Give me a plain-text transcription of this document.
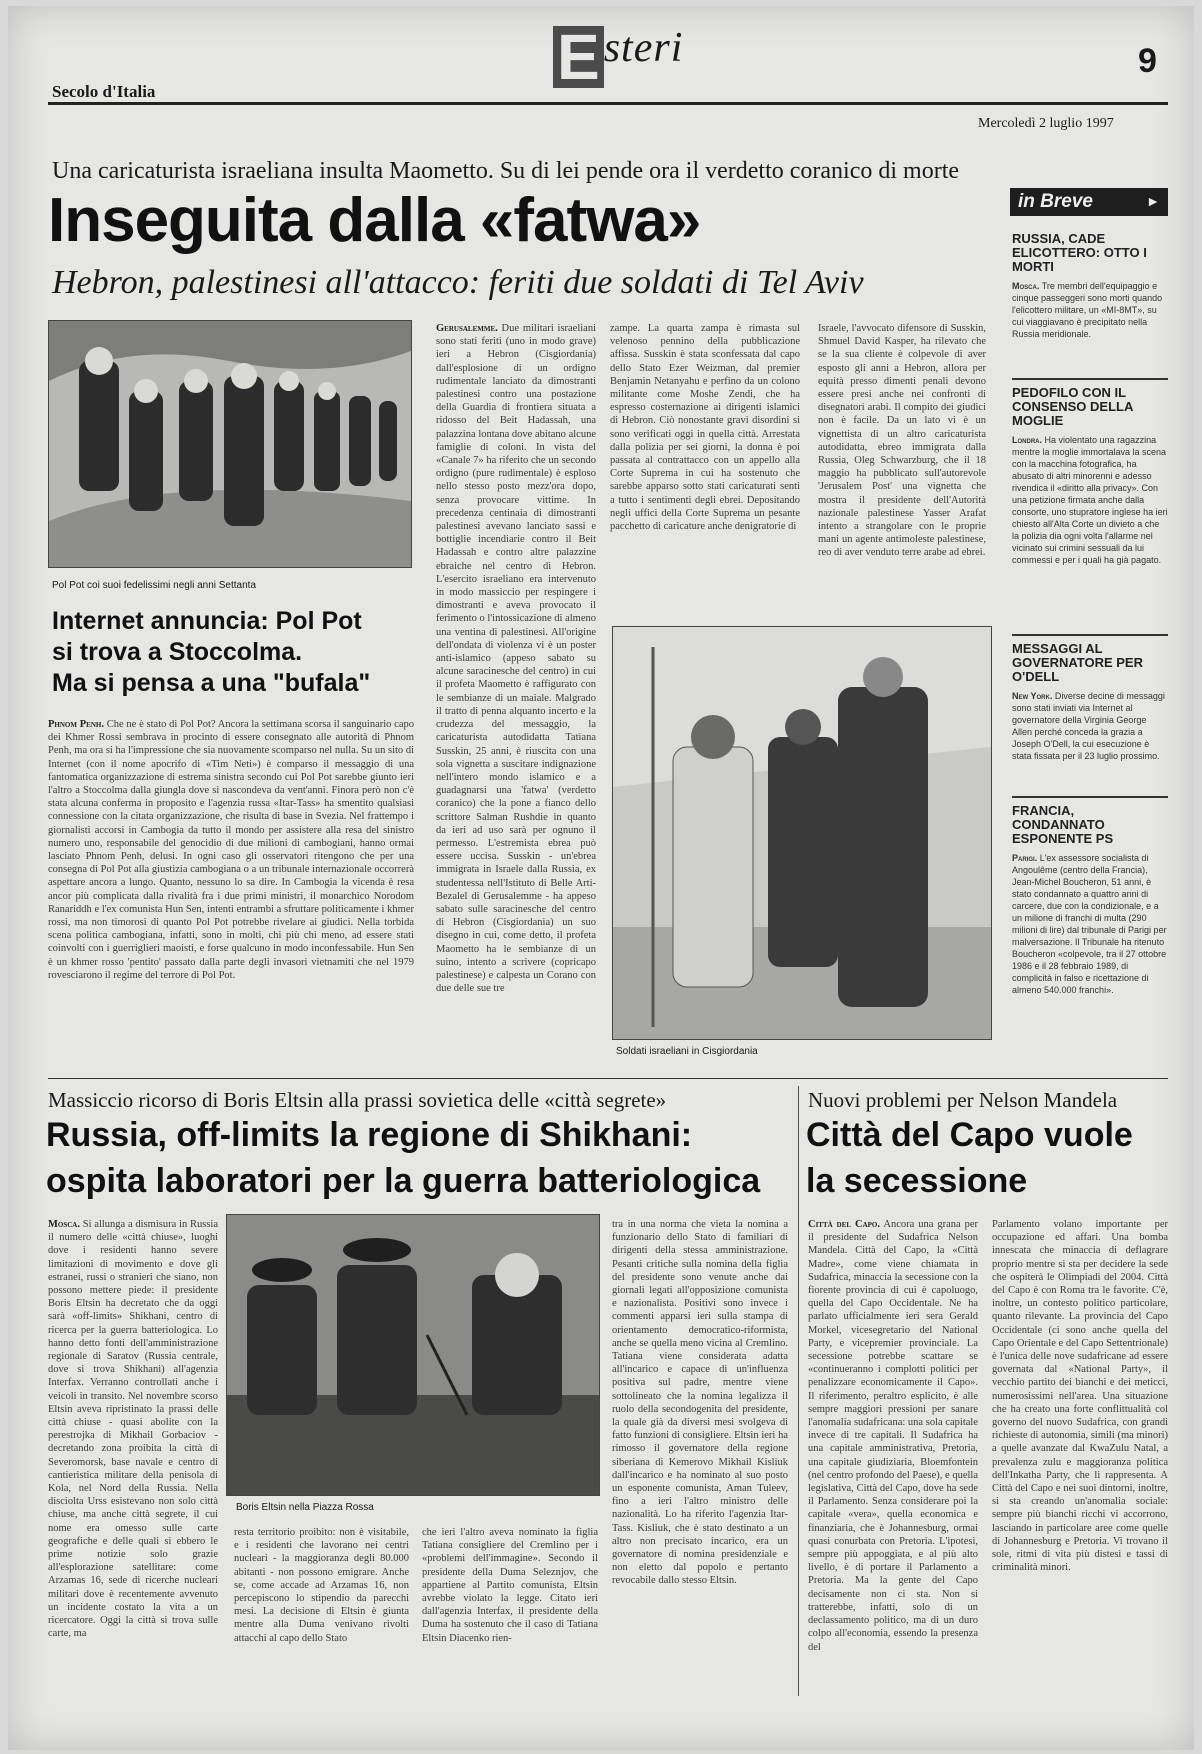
Esteri	9
Secolo d'Italia
Mercoledì 2 luglio 1997
Una caricaturista israeliana insulta Maometto. Su di lei pende ora il verdetto coranico di morte
Inseguita dalla «fatwa»
Hebron, palestinesi all'attacco: feriti due soldati di Tel Aviv
Pol Pot coi suoi fedelissimi negli anni Settanta
Internet annuncia: Pol Pot
si trova a Stoccolma.
Ma si pensa a una "bufala"
Phnom Penh. Che ne è stato di Pol Pot? Ancora la settimana scorsa il sanguinario capo dei Khmer Rossi sembrava in procinto di essere consegnato alle autorità di Phnom Penh, ma ora si ha l'impressione che sia nuovamente scomparso nel nulla. Su un sito di Internet (con il nome apocrifo di «Tim Neti») è comparso il messaggio di una fantomatica organizzazione di estrema sinistra secondo cui Pol Pot sarebbe giunto ieri l'altro a Stoccolma dalla giungla dove si nascondeva da vent'anni. Finora però non c'è stata alcuna conferma in proposito e l'agenzia russa «Itar-Tass» ha smentito qualsiasi connessione con la citata organizzazione, che risulta di base in Svezia. Nel frattempo i giornalisti accorsi in Cambogia da tutto il mondo per assistere alla resa del sinistro numero uno, responsabile del genocidio di due milioni di cambogiani, hanno ormai lasciato Phnom Penh, delusi. In ogni caso gli osservatori ritengono che per una consegna di Pol Pot alla giustizia cambogiana o a un tribunale internazionale occorrerà aspettare ancora a lungo. Quanto, nessuno lo sa dire. In Cambogia la vicenda è resa ancor più complicata dalla rivalità fra i due primi ministri, il monarchico Norodom Ranariddh e l'ex comunista Hun Sen, intenti entrambi a sfruttare politicamente i khmer rossi, ma non timorosi di quanto Pol Pot potrebbe rivelare ai giudici. Nella torbida scena politica cambogiana, infatti, sono in molti, chi più chi meno, ad essere stati coinvolti con i guerriglieri maoisti, e forse qualcuno in modo inconfessabile. Hun Sen è un khmer rosso 'pentito' passato dalla parte degli invasori vietnamiti che nel 1979 rovesciarono il regime del terrore di Pol Pot.
Gerusalemme. Due militari israeliani sono stati feriti (uno in modo grave) ieri a Hebron (Cisgiordania) dall'esplosione di un ordigno rudimentale lanciato da dimostranti palestinesi contro una postazione della Guardia di frontiera situata a ridosso del Beit Hadassah, una palazzina lontana dove abitano alcune famiglie di coloni. In vista del «Canale 7» ha riferito che un secondo ordigno (pure rudimentale) è esploso nello stesso posto mezz'ora dopo, senza provocare vittime. In precedenza centinaia di dimostranti palestinesi avevano lanciato sassi e bottiglie incendiarie contro il Beit Hadassah e contro altre palazzine ebraiche nel centro di Hebron. L'esercito israeliano era intervenuto in modo massiccio per respingere i dimostranti e aveva provocato il ferimento o l'intossicazione di almeno una ventina di palestinesi. All'origine dell'ondata di violenza vi è un poster anti-islamico (appeso sabato su alcune saracinesche del centro) in cui il profeta Maometto è raffigurato con le sembianze di un maiale. Malgrado il tratto di penna alquanto incerto e la crudezza del messaggio, la caricaturista autodidatta Tatiana Susskin, 25 anni, è riuscita con una sola vignetta a suscitare indignazione nell'intero mondo islamico e a guadagnarsi una 'fatwa' (verdetto coranico) che la pone a fianco dello scrittore Salman Rushdie in quanto da ieri ad uso sarà per ognuno il permesso. L'estremista ebrea può essere uccisa. Susskin - un'ebrea immigrata in Israele dalla Russia, ex studentessa nell'Istituto di Belle Arti-Bezalel di Gerusalemme - ha appeso sabato sulle saracinesche del centro di Hebron (Cisgiordania) un suo disegno in cui, come detto, il profeta Maometto ha le sembianze di un suino, intento a scrivere (copricapo palestinese) e calpesta un Corano con due delle sue tre
zampe. La quarta zampa è rimasta sul velenoso pennino della pubblicazione affissa. Susskin è stata sconfessata dal capo dello Stato Ezer Weizman, dal premier Benjamin Netanyahu e perfino da un colono militante come Moshe Zendi, che ha espresso costernazione ai dirigenti islamici di Hebron. Ciò nonostante gravi disordini si sono verificati oggi in quella città. Arrestata dalla polizia per sei giorni, la donna è poi passata al contrattacco con un appello alla Corte Suprema in cui ha sostenuto che sarebbe apparso sotto stati caricaturati senti a tutto i sentimenti degli ebrei. Depositando negli uffici della Corte Suprema un pesante pacchetto di caricature anche denigratorie di
Israele, l'avvocato difensore di Susskin, Shmuel David Kasper, ha rilevato che se la sua cliente è colpevole di aver esposto gli anni a Hebron, allora per equità presso dimenti penali devono essere presi anche nei confronti di disegnatori arabi. Il compito dei giudici non è facile. Da un lato vi è un vignettista di un altro caricaturista autodidatta, ebreo immigrata dalla Russia, Oleg Schwarzburg, che il 18 maggio ha pubblicato sull'autorevole 'Jerusalem Post' una vignetta che mostra il presidente dell'Autorità nazionale palestinese Yasser Arafat intento a strangolare con le proprie mani un agente antimoleste palestinese, reo di aver venduto terre arabe ad ebrei.
Soldati israeliani in Cisgiordania
in Breve	►
RUSSIA, CADE ELICOTTERO: OTTO I MORTI
Mosca. Tre membri dell'equipaggio e cinque passeggeri sono morti quando l'elicottero militare, un «MI-8MT», su cui viaggiavano è precipitato nella Russia meridionale.
PEDOFILO CON IL CONSENSO DELLA MOGLIE
Londra. Ha violentato una ragazzina mentre la moglie immortalava la scena con la macchina fotografica, ha abusato di altri minorenni e adesso rivendica il «diritto alla privacy». Con una petizione firmata anche dalla consorte, uno stupratore inglese ha ieri chiesto all'Alta Corte un divieto a che la polizia dia ogni volta l'allarme nel vicinato sui crimini sessuali da lui commessi e per i quali ha già pagato.
MESSAGGI AL GOVERNATORE PER O'DELL
New York. Diverse decine di messaggi sono stati inviati via Internet al governatore della Virginia George Allen perché conceda la grazia a Joseph O'Dell, la cui esecuzione è stata fissata per il 23 luglio prossimo.
FRANCIA, CONDANNATO ESPONENTE PS
Parigi. L'ex assessore socialista di Angoulême (centro della Francia), Jean-Michel Boucheron, 51 anni, è stato condannato a quattro anni di carcere, due con la condizionale, e a un milione di franchi di multa (290 milioni di lire) dal tribunale di Parigi per malversazione. Il Tribunale ha ritenuto Boucheron «colpevole, tra il 27 ottobre 1986 e il 28 febbraio 1989, di complicità in falso e ricettazione di almeno 540.000 franchi».
Massiccio ricorso di Boris Eltsin alla prassi sovietica delle «città segrete»
Russia, off-limits la regione di Shikhani:
ospita laboratori per la guerra batteriologica
Mosca. Si allunga a dismisura in Russia il numero delle «città chiuse», luoghi dove i residenti hanno severe limitazioni di movimento e dove gli estranei, russi o stranieri che siano, non possono mettere piede: il presidente Boris Eltsin ha decretato che da oggi sarà «off-limits» Shikhani, centro di ricerca per la guerra batteriologica. Lo hanno detto fonti dell'amministrazione regionale di Saratov (Russia centrale, dove si trova Shikhani) all'agenzia Interfax. Verranno controllati anche i veicoli in transito. Nel novembre scorso Eltsin aveva ripristinato la prassi delle città chiuse - quasi abolite con la perestrojka di Mikhail Gorbaciov - decretando zona proibita la città di Severomorsk, base navale e centro di cantieristica militare della penisola di Kola, nel Nord della Russia. Nella disciolta Urss esistevano non solo città chiuse, ma anche città segrete, il cui nome era omesso sulle carte geografiche e delle quali si ebbero le prime notizie solo grazie all'esplorazione satellitare: come Arzamas 16, sede di ricerche nucleari militari dove è recentemente avvenuto un incidente costato la vita a un ricercatore. Oggi la città si trova sulle carte, ma
Boris Eltsin nella Piazza Rossa
resta territorio proibito: non è visitabile, e i residenti che lavorano nei centri nucleari - la maggioranza degli 80.000 abitanti - non possono emigrare. Anche se, come accade ad Arzamas 16, non percepiscono lo stipendio da parecchi mesi. La decisione di Eltsin è giunta mentre alla Duma venivano rivolti attacchi al capo dello Stato
che ieri l'altro aveva nominato la figlia Tatiana consigliere del Cremlino per i «problemi dell'immagine». Secondo il presidente della Duma Seleznjov, che appartiene al Partito comunista, Eltsin avrebbe violato la legge. Citato ieri dall'agenzia Interfax, il presidente della Duma ha sostenuto che il caso di Tatiana Eltsin Diacenko rien-
tra in una norma che vieta la nomina a funzionario dello Stato di familiari di dirigenti della stessa amministrazione. Pesanti critiche sulla nomina della figlia del presidente sono venute anche dai giornali legati all'opposizione comunista e nazionalista. Positivi sono invece i commenti apparsi ieri sulla stampa di orientamento democratico-riformista, anche se quella meno vicina al Cremlino. Tatiana viene considerata adatta all'incarico e capace di un'influenza positiva sul padre, mentre viene sottolineato che la nomina legalizza il ruolo della secondogenita del presidente, la quale già da diversi mesi svolgeva di fatto funzioni di consigliere. Eltsin ieri ha rimosso il governatore della regione siberiana di Kemerovo Mikhail Kisliuk dall'incarico e ha nominato al suo posto un esponente comunista, Aman Tuleev, fino a ieri l'altro ministro delle nazionalità. Lo ha riferito l'agenzia Itar-Tass. Kisliuk, che è stato destinato a un altro non precisato incarico, era un governatore di nomina presidenziale e non eletto dal popolo e pertanto revocabile dallo stesso Eltsin.
Nuovi problemi per Nelson Mandela
Città del Capo vuole
la secessione
Città del Capo. Ancora una grana per il presidente del Sudafrica Nelson Mandela. Città del Capo, la «Città Madre», come viene chiamata in Sudafrica, minaccia la secessione con la fiorente provincia di cui è capoluogo, quella del Capo Occidentale. Ne ha parlato ufficialmente ieri sera Gerald Morkel, vicesegretario del National Party, e vicepremier provinciale. La secessione potrebbe scattare se «continueranno i complotti politici per penalizzare economicamente il Capo». Il riferimento, peraltro esplicito, è alle sempre maggiori pressioni per sanare l'anomalia sudafricana: una sola capitale invece di tre capitali. Il Sudafrica ha una capitale amministrativa, Pretoria, una capitale giudiziaria, Bloemfontein (nel centro profondo del Paese), e quella legislativa, Città del Capo, dove ha sede il Parlamento. Senza considerare poi la capitale «vera», quella economica e finanziaria, che è Johannesburg, ormai quasi conurbata con Pretoria. L'ipotesi, sempre più appoggiata, e al più alto livello, è di portare il Parlamento a Pretoria. Ma la gente del Capo decisamente non ci sta. Non si tratterebbe, infatti, solo di un declassamento politico, ma di un duro colpo all'economia, essendo la presenza del
Parlamento volano importante per occupazione ed affari. Una bomba innescata che minaccia di deflagrare proprio mentre si sta per decidere la sede che ospiterà le Olimpiadi del 2004. Città del Capo è con Roma tra le favorite. C'è, inoltre, un contesto politico particolare, quanto rilevante. La provincia del Capo Occidentale (ci sono anche quella del Capo Orientale e del Capo Settentrionale) è l'unica delle nove sudafricane ad essere governata dal «National Party», il vecchio partito dei bianchi e dei meticci, numerosissimi nell'area. Una situazione che ha creato una forte conflittualità col governo del nuovo Sudafrica, con grandi richieste di autonomia, simili (ma minori) a quelle avanzate dal KwaZulu Natal, a prevalenza zulu e maggioranza politica dell'Inkatha Party, che li rappresenta. A Città del Capo e nei suoi dintorni, inoltre, si sta creando un'anomalia sociale: sempre più bianchi ricchi vi accorrono, lasciando in particolare aree come quelle di Johannesburg e Pretoria. Vi trovano il sole, ritmi di vita più distesi e tassi di criminalità minori.
